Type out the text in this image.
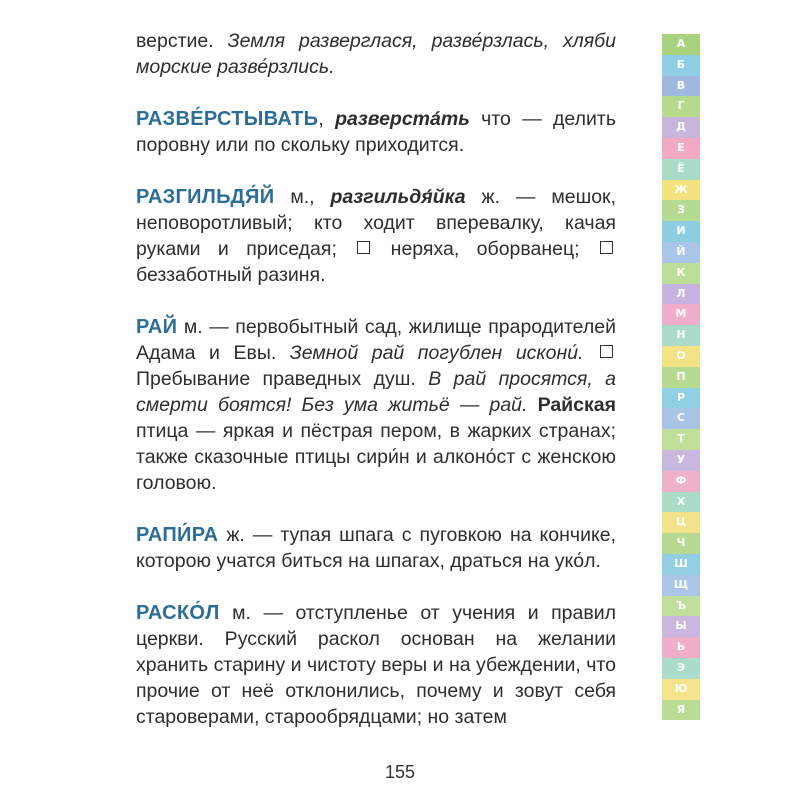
верстие. Земля разверглася, разве́рзлась, хляби морские разве́рзлись.

РАЗВЕ́РСТЫВАТЬ, разверста́ть что — делить поровну или по скольку приходится.

РАЗГИЛЬДЯ́Й м., разгильдя́йка ж. — мешок, неповоротливый; кто ходит вперевалку, качая руками и приседая;  неряха, оборванец;  беззаботный разиня.

РАЙ м. — первобытный сад, жилище прародителей Адама и Евы. Земной рай погублен искони́.  Пребывание праведных душ. В рай просятся, а смерти боятся! Без ума житьё — рай. Райская птица — яркая и пёстрая пером, в жарких странах; также сказочные птицы сири́н и алконо́ст с женскою головою.

РАПИ́РА ж. — тупая шпага с пуговкою на кончике, которою учатся биться на шпагах, драться на уко́л.

РАСКО́Л м. — отступленье от учения и правил церкви. Русский раскол основан на желании хранить старину и чистоту веры и на убеждении, что прочие от неё отклонились, почему и зовут себя староверами, старообрядцами; но затем

А
Б
В
Г
Д
Е
Ё
Ж
З
И
Й
К
Л
М
Н
О
П
Р
С
Т
У
Ф
Х
Ц
Ч
Ш
Щ
Ъ
Ы
Ь
Э
Ю
Я
155
